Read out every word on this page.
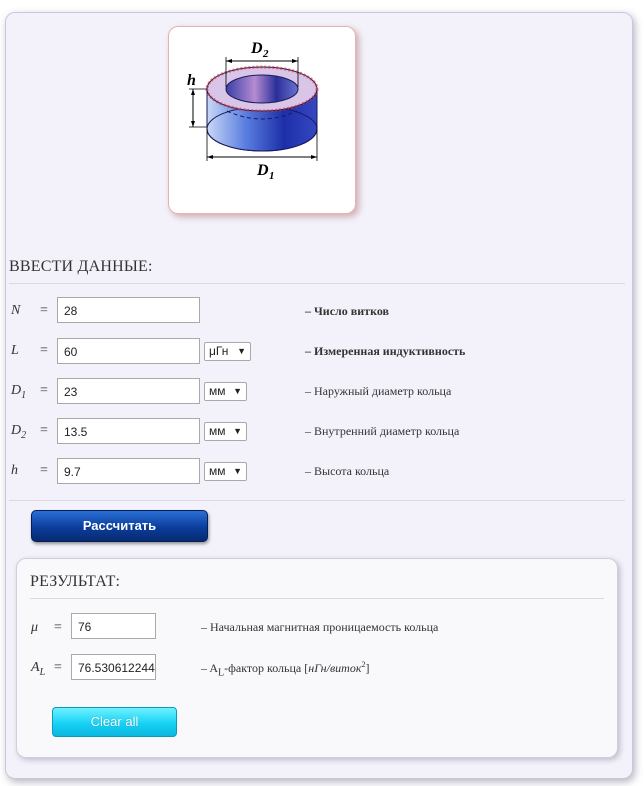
D 2
h
D 1
ВВЕСТИ ДАННЫЕ:
N =	28	– Число витков
L =	60	μГн ▼	– Измеренная индуктивность
$D_1$ =	23	мм ▼	– Наружный диаметр кольца
$D_2$ =	13.5	мм ▼	– Внутренний диаметр кольца
h =	9.7	мм ▼	– Высота кольца
Рассчитать
РЕЗУЛЬТАТ:
μ =	76	– Начальная магнитная проницаемость кольца
$A_L$ =	76.530612244	– $A_L$-фактор кольца [нГн/виток$^2$]
Clear all
